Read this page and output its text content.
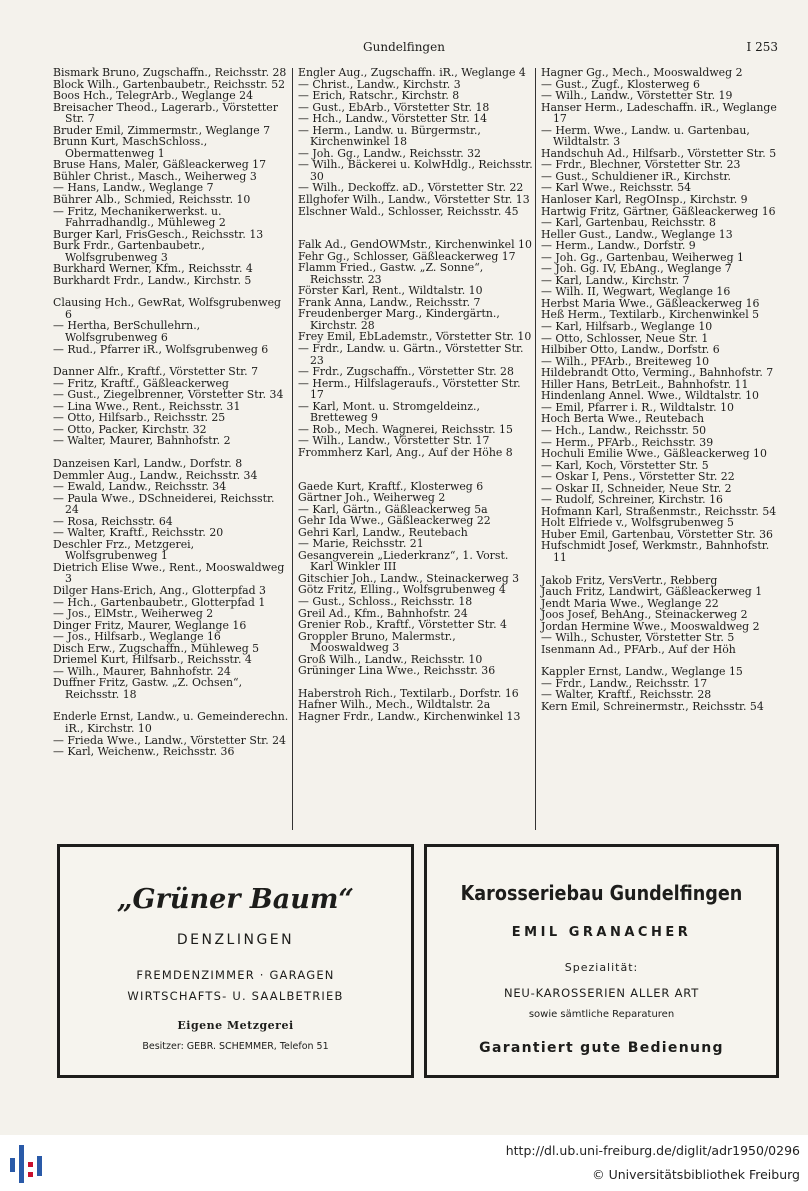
Gundelfingen	I 253
Bismark Bruno, Zugschaffn., Reichsstr. 28
Block Wilh., Gartenbaubetr., Reichsstr. 52
Boos Hch., TelegrArb., Weglange 24
Breisacher Theod., Lagerarb., Vörstetter Str. 7
Bruder Emil, Zimmermstr., Weglange 7
Brunn Kurt, MaschSchloss., Obermattenweg 1
Bruse Hans, Maler, Gäßleackerweg 17
Bühler Christ., Masch., Weiherweg 3
— Hans, Landw., Weglange 7
Bührer Alb., Schmied, Reichsstr. 10
— Fritz, Mechanikerwerkst. u. Fahrradhandlg., Mühleweg 2
Burger Karl, FrisGesch., Reichsstr. 13
Burk Frdr., Gartenbaubetr., Wolfsgrubenweg 3
Burkhard Werner, Kfm., Reichsstr. 4
Burkhardt Frdr., Landw., Kirchstr. 5
Clausing Hch., GewRat, Wolfsgrubenweg 6
— Hertha, BerSchullehrn., Wolfsgrubenweg 6
— Rud., Pfarrer iR., Wolfsgrubenweg 6
Danner Alfr., Kraftf., Vörstetter Str. 7
— Fritz, Kraftf., Gäßleackerweg
— Gust., Ziegelbrenner, Vörstetter Str. 34
— Lina Wwe., Rent., Reichsstr. 31
— Otto, Hilfsarb., Reichsstr. 25
— Otto, Packer, Kirchstr. 32
— Walter, Maurer, Bahnhofstr. 2
Danzeisen Karl, Landw., Dorfstr. 8
Demmler Aug., Landw., Reichsstr. 34
— Ewald, Landw., Reichsstr. 34
— Paula Wwe., DSchneiderei, Reichsstr. 24
— Rosa, Reichsstr. 64
— Walter, Kraftf., Reichsstr. 20
Deschler Frz., Metzgerei, Wolfsgrubenweg 1
Dietrich Elise Wwe., Rent., Mooswaldweg 3
Dilger Hans-Erich, Ang., Glotterpfad 3
— Hch., Gartenbaubetr., Glotterpfad 1
— Jos., ElMstr., Weiherweg 2
Dinger Fritz, Maurer, Weglange 16
— Jos., Hilfsarb., Weglange 16
Disch Erw., Zugschaffn., Mühleweg 5
Driemel Kurt, Hilfsarb., Reichsstr. 4
— Wilh., Maurer, Bahnhofstr. 24
Duffner Fritz, Gastw. „Z. Ochsen“, Reichsstr. 18
Enderle Ernst, Landw., u. Gemeinderechn. iR., Kirchstr. 10
— Frieda Wwe., Landw., Vörstetter Str. 24
— Karl, Weichenw., Reichsstr. 36
Engler Aug., Zugschaffn. iR., Weglange 4
— Christ., Landw., Kirchstr. 3
— Erich, Ratschr., Kirchstr. 8
— Gust., EbArb., Vörstetter Str. 18
— Hch., Landw., Vörstetter Str. 14
— Herm., Landw. u. Bürgermstr., Kirchenwinkel 18
— Joh. Gg., Landw., Reichsstr. 32
— Wilh., Bäckerei u. KolwHdlg., Reichsstr. 30
— Wilh., Deckoffz. aD., Vörstetter Str. 22
Ellghofer Wilh., Landw., Vörstetter Str. 13
Elschner Wald., Schlosser, Reichsstr. 45
Falk Ad., GendOWMstr., Kirchenwinkel 10
Fehr Gg., Schlosser, Gäßleackerweg 17
Flamm Fried., Gastw. „Z. Sonne“, Reichsstr. 23
Förster Karl, Rent., Wildtalstr. 10
Frank Anna, Landw., Reichsstr. 7
Freudenberger Marg., Kindergärtn., Kirchstr. 28
Frey Emil, EbLademstr., Vörstetter Str. 10
— Frdr., Landw. u. Gärtn., Vörstetter Str. 23
— Frdr., Zugschaffn., Vörstetter Str. 28
— Herm., Hilfslageraufs., Vörstetter Str. 17
— Karl, Mont. u. Stromgeldeinz., Bretteweg 9
— Rob., Mech. Wagnerei, Reichsstr. 15
— Wilh., Landw., Vörstetter Str. 17
Frommherz Karl, Ang., Auf der Höhe 8
Gaede Kurt, Kraftf., Klosterweg 6
Gärtner Joh., Weiherweg 2
— Karl, Gärtn., Gäßleackerweg 5a
Gehr Ida Wwe., Gäßleackerweg 22
Gehri Karl, Landw., Reutebach
— Marie, Reichsstr. 21
Gesangverein „Liederkranz“, 1. Vorst. Karl Winkler III
Gitschier Joh., Landw., Steinackerweg 3
Götz Fritz, Elling., Wolfsgrubenweg 4
— Gust., Schloss., Reichsstr. 18
Greil Ad., Kfm., Bahnhofstr. 24
Grenier Rob., Kraftf., Vörstetter Str. 4
Groppler Bruno, Malermstr., Mooswaldweg 3
Groß Wilh., Landw., Reichsstr. 10
Grüninger Lina Wwe., Reichsstr. 36
Haberstroh Rich., Textilarb., Dorfstr. 16
Hafner Wilh., Mech., Wildtalstr. 2a
Hagner Frdr., Landw., Kirchenwinkel 13
Hagner Gg., Mech., Mooswaldweg 2
— Gust., Zugf., Klosterweg 6
— Wilh., Landw., Vörstetter Str. 19
Hanser Herm., Ladeschaffn. iR., Weglange 17
— Herm. Wwe., Landw. u. Gartenbau, Wildtalstr. 3
Handschuh Ad., Hilfsarb., Vörstetter Str. 5
— Frdr., Blechner, Vörstetter Str. 23
— Gust., Schuldiener iR., Kirchstr.
— Karl Wwe., Reichsstr. 54
Hanloser Karl, RegOInsp., Kirchstr. 9
Hartwig Fritz, Gärtner, Gäßleackerweg 16
— Karl, Gartenbau, Reichsstr. 8
Heller Gust., Landw., Weglange 13
— Herm., Landw., Dorfstr. 9
— Joh. Gg., Gartenbau, Weiherweg 1
— Joh. Gg. IV, EbAng., Weglange 7
— Karl, Landw., Kirchstr. 7
— Wilh. II, Wegwart, Weglange 16
Herbst Maria Wwe., Gäßleackerweg 16
Heß Herm., Textilarb., Kirchenwinkel 5
— Karl, Hilfsarb., Weglange 10
— Otto, Schlosser, Neue Str. 1
Hilbiber Otto, Landw., Dorfstr. 6
— Wilh., PFArb., Breiteweg 10
Hildebrandt Otto, Verming., Bahnhofstr. 7
Hiller Hans, BetrLeit., Bahnhofstr. 11
Hindenlang Annel. Wwe., Wildtalstr. 10
— Emil, Pfarrer i. R., Wildtalstr. 10
Hoch Berta Wwe., Reutebach
— Hch., Landw., Reichsstr. 50
— Herm., PFArb., Reichsstr. 39
Hochuli Emilie Wwe., Gäßleackerweg 10
— Karl, Koch, Vörstetter Str. 5
— Oskar I, Pens., Vörstetter Str. 22
— Oskar II, Schneider, Neue Str. 2
— Rudolf, Schreiner, Kirchstr. 16
Hofmann Karl, Straßenmstr., Reichsstr. 54
Holt Elfriede v., Wolfsgrubenweg 5
Huber Emil, Gartenbau, Vörstetter Str. 36
Hufschmidt Josef, Werkmstr., Bahnhofstr. 11
Jakob Fritz, VersVertr., Rebberg
Jauch Fritz, Landwirt, Gäßleackerweg 1
Jendt Maria Wwe., Weglange 22
Joos Josef, BehAng., Steinackerweg 2
Jordan Hermine Wwe., Mooswaldweg 2
— Wilh., Schuster, Vörstetter Str. 5
Isenmann Ad., PFArb., Auf der Höh
Kappler Ernst, Landw., Weglange 15
— Frdr., Landw., Reichsstr. 17
— Walter, Kraftf., Reichsstr. 28
Kern Emil, Schreinermstr., Reichsstr. 54
„Grüner Baum“
DENZLINGEN
FREMDENZIMMER · GARAGEN
WIRTSCHAFTS- U. SAALBETRIEB
Eigene Metzgerei
Besitzer: GEBR. SCHEMMER, Telefon 51
Karosseriebau Gundelfingen
EMIL GRANACHER
Spezialität:
NEU-KAROSSERIEN ALLER ART
sowie sämtliche Reparaturen
Garantiert gute Bedienung
http://dl.ub.uni-freiburg.de/diglit/adr1950/0296
© Universitätsbibliothek Freiburg
